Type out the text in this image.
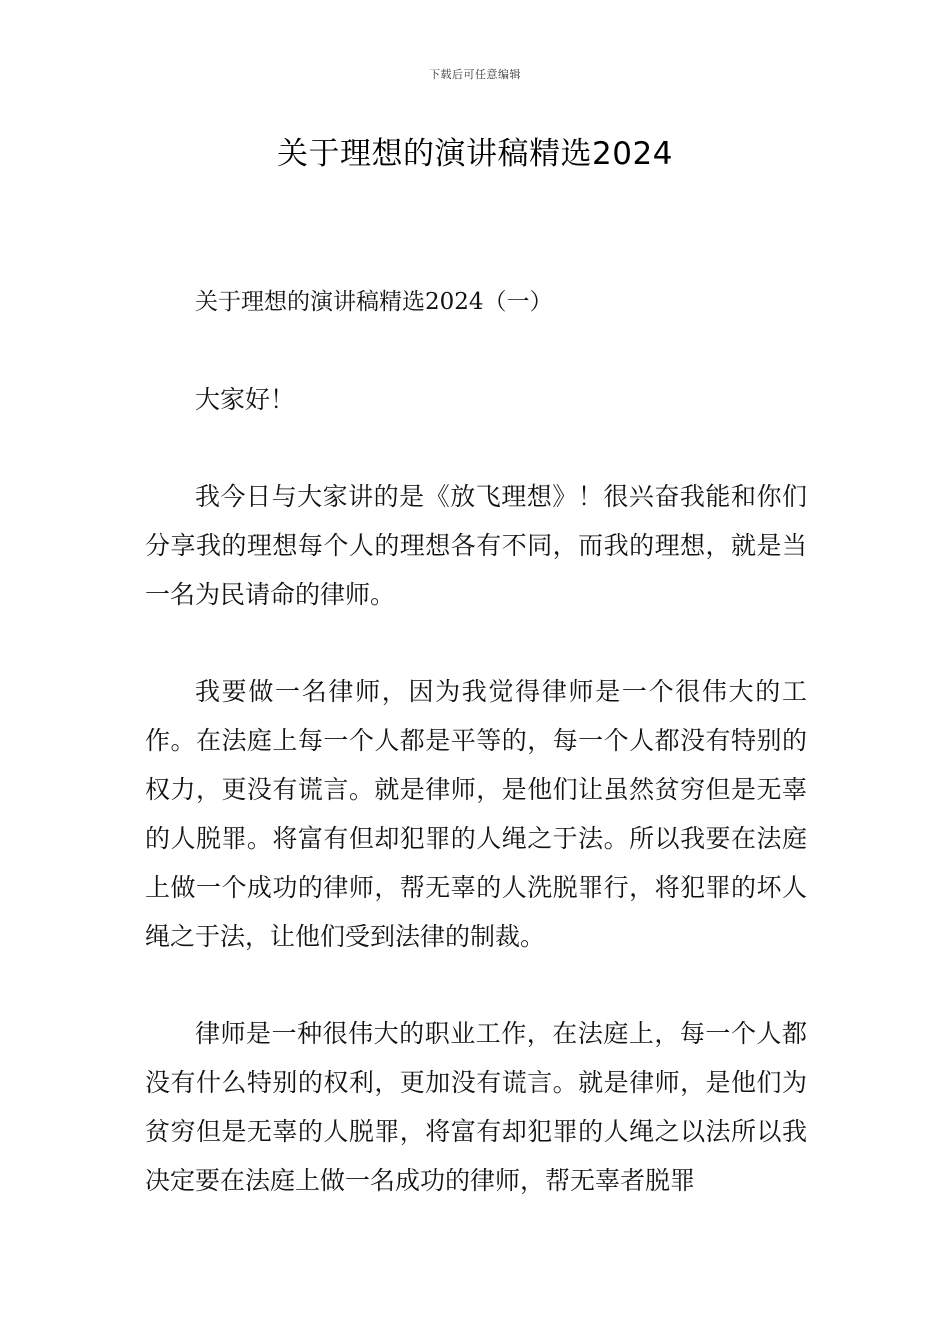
下载后可任意编辑
关于理想的演讲稿精选2024

关于理想的演讲稿精选2024（一）

大家好！

我今日与大家讲的是《放飞理想》！很兴奋我能和你们分享我的理想每个人的理想各有不同，而我的理想，就是当一名为民请命的律师。

我要做一名律师，因为我觉得律师是一个很伟大的工作。在法庭上每一个人都是平等的，每一个人都没有特别的权力，更没有谎言。就是律师，是他们让虽然贫穷但是无辜的人脱罪。将富有但却犯罪的人绳之于法。所以我要在法庭上做一个成功的律师，帮无辜的人洗脱罪行，将犯罪的坏人绳之于法，让他们受到法律的制裁。

律师是一种很伟大的职业工作，在法庭上，每一个人都没有什么特别的权利，更加没有谎言。就是律师，是他们为贫穷但是无辜的人脱罪，将富有却犯罪的人绳之以法所以我决定要在法庭上做一名成功的律师，帮无辜者脱罪
